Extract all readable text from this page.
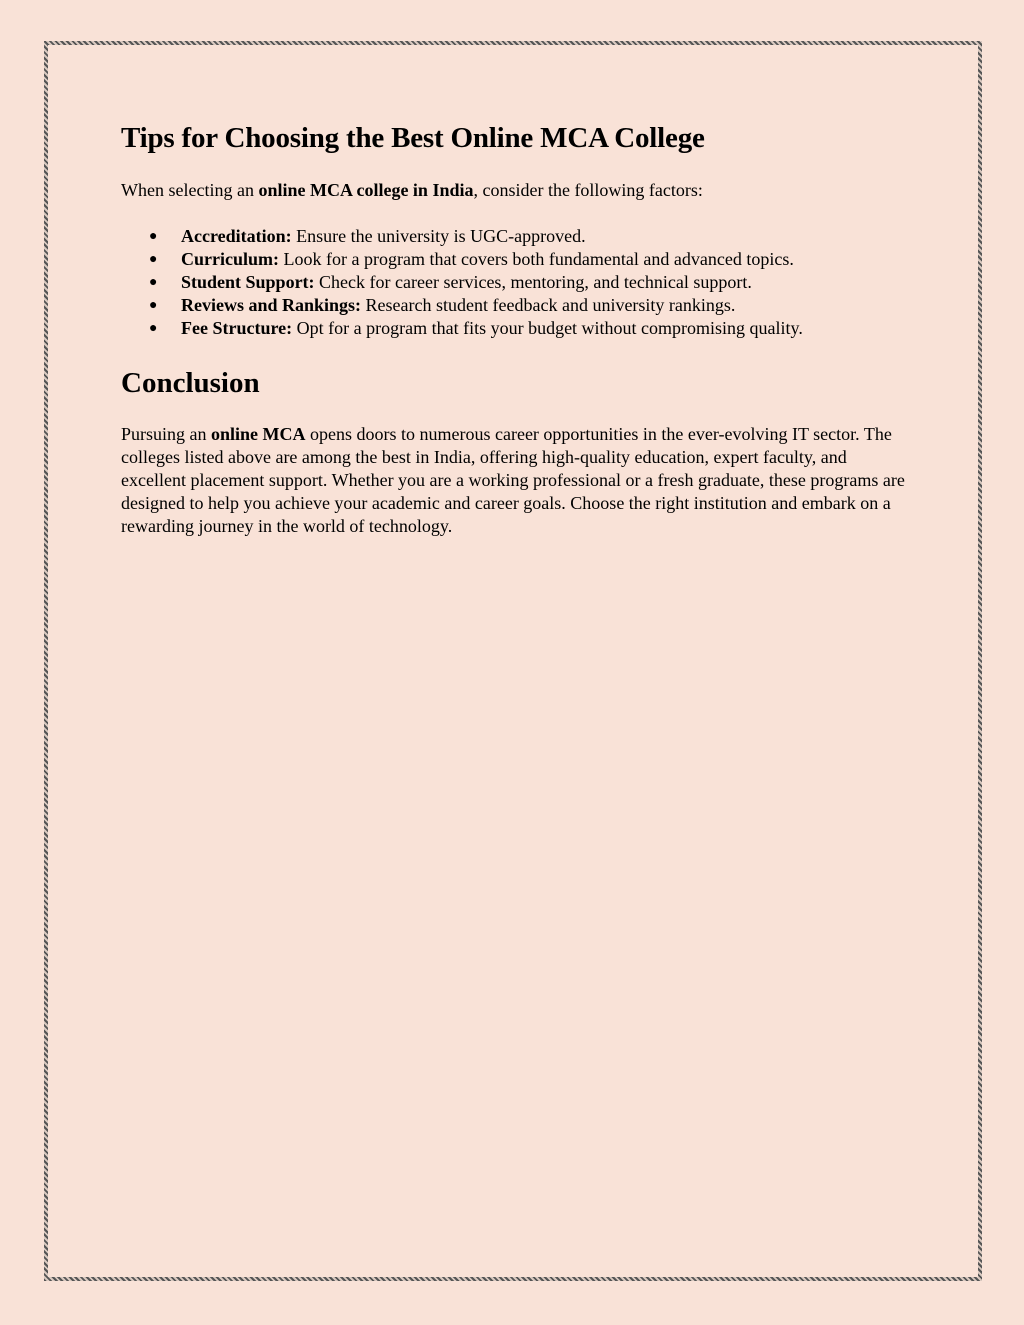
Tips for Choosing the Best Online MCA College

When selecting an online MCA college in India, consider the following factors:

● Accreditation: Ensure the university is UGC-approved.
● Curriculum: Look for a program that covers both fundamental and advanced topics.
● Student Support: Check for career services, mentoring, and technical support.
● Reviews and Rankings: Research student feedback and university rankings.
● Fee Structure: Opt for a program that fits your budget without compromising quality.
Conclusion

Pursuing an online MCA opens doors to numerous career opportunities in the ever-evolving IT sector. The colleges listed above are among the best in India, offering high-quality education, expert faculty, and excellent placement support. Whether you are a working professional or a fresh graduate, these programs are designed to help you achieve your academic and career goals. Choose the right institution and embark on a rewarding journey in the world of technology.
